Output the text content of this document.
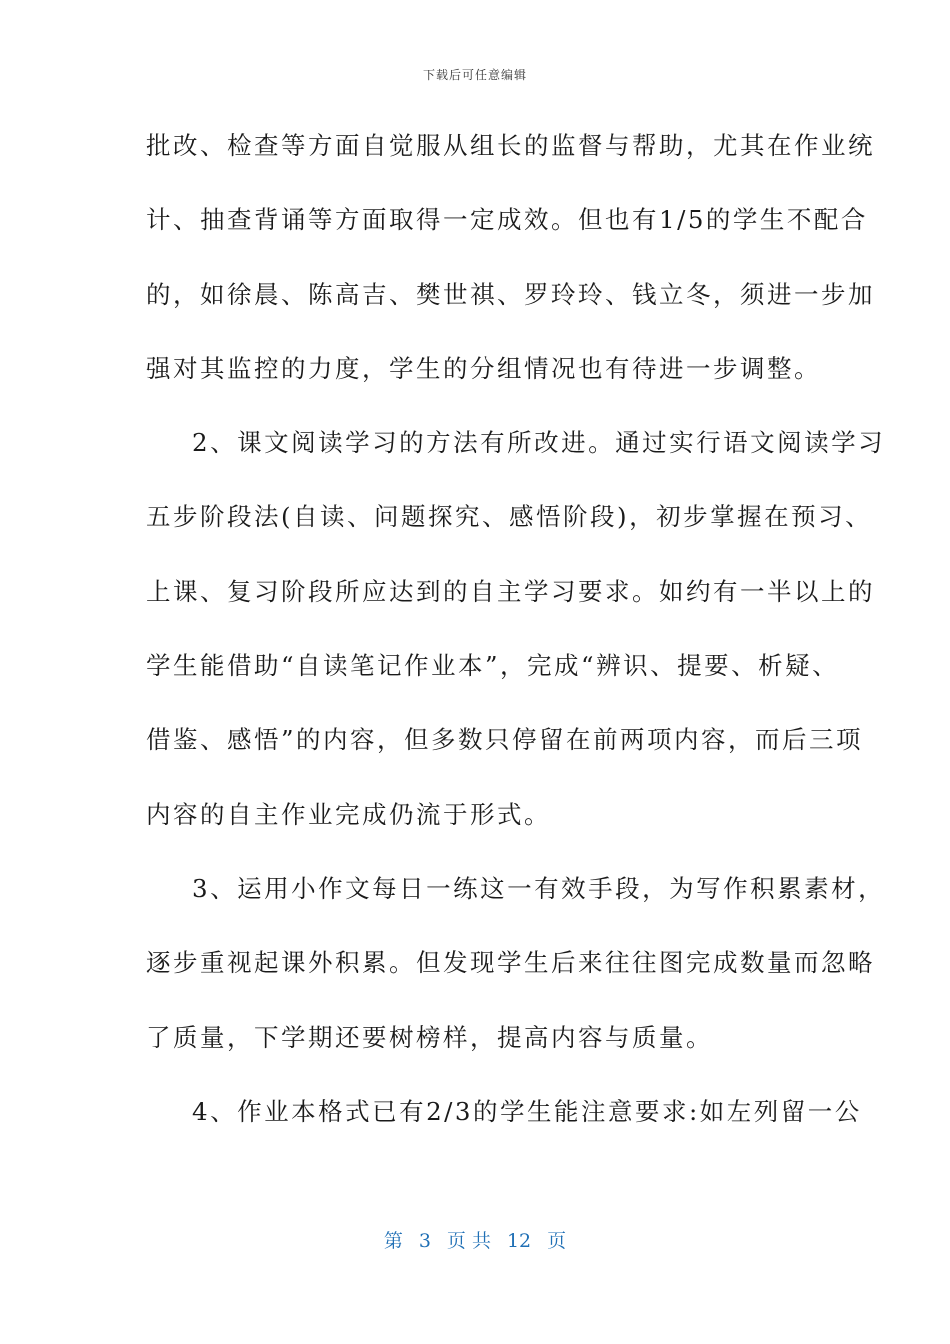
下载后可任意编辑
批改、检查等方面自觉服从组长的监督与帮助，尤其在作业统
计、抽查背诵等方面取得一定成效。但也有1/5的学生不配合
的，如徐晨、陈高吉、樊世祺、罗玲玲、钱立冬，须进一步加
强对其监控的力度，学生的分组情况也有待进一步调整。
2、课文阅读学习的方法有所改进。通过实行语文阅读学习
五步阶段法(自读、问题探究、感悟阶段)，初步掌握在预习、
上课、复习阶段所应达到的自主学习要求。如约有一半以上的
学生能借助“自读笔记作业本”，完成“辨识、提要、析疑、
借鉴、感悟”的内容，但多数只停留在前两项内容，而后三项
内容的自主作业完成仍流于形式。
3、运用小作文每日一练这一有效手段，为写作积累素材，
逐步重视起课外积累。但发现学生后来往往图完成数量而忽略
了质量，下学期还要树榜样，提高内容与质量。
4、作业本格式已有2/3的学生能注意要求:如左列留一公
第 3 页 共 12 页
